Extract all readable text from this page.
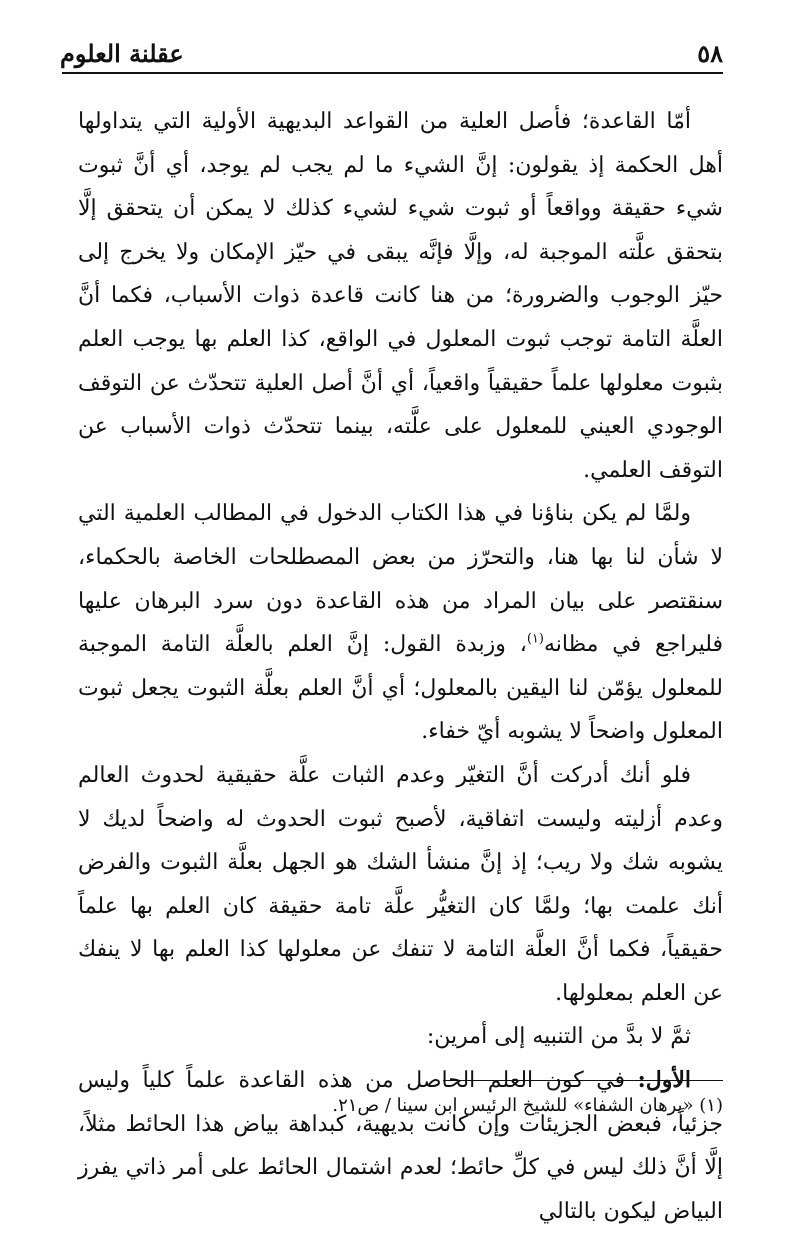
عقلنة العلوم	٥٨

أمّا القاعدة؛ فأصل العلية من القواعد البديهية الأولية التي يتداولها أهل الحكمة إذ يقولون: إنَّ الشيء ما لم يجب لم يوجد، أي أنَّ ثبوت شيء حقيقة وواقعاً أو ثبوت شيء لشيء كذلك لا يمكن أن يتحقق إلَّا بتحقق علَّته الموجبة له، وإلَّا فإنَّه يبقى في حيّز الإمكان ولا يخرج إلى حيّز الوجوب والضرورة؛ من هنا كانت قاعدة ذوات الأسباب، فكما أنَّ العلَّة التامة توجب ثبوت المعلول في الواقع، كذا العلم بها يوجب العلم بثبوت معلولها علماً حقيقياً واقعياً، أي أنَّ أصل العلية تتحدّث عن التوقف الوجودي العيني للمعلول على علَّته، بينما تتحدّث ذوات الأسباب عن التوقف العلمي.

ولمَّا لم يكن بناؤنا في هذا الكتاب الدخول في المطالب العلمية التي لا شأن لنا بها هنا، والتحرّز من بعض المصطلحات الخاصة بالحكماء، سنقتصر على بيان المراد من هذه القاعدة دون سرد البرهان عليها فليراجع في مظانه$^{(١)}$، وزبدة القول: إنَّ العلم بالعلَّة التامة الموجبة للمعلول يؤمّن لنا اليقين بالمعلول؛ أي أنَّ العلم بعلَّة الثبوت يجعل ثبوت المعلول واضحاً لا يشوبه أيّ خفاء.

فلو أنك أدركت أنَّ التغيّر وعدم الثبات علَّة حقيقية لحدوث العالم وعدم أزليته وليست اتفاقية، لأصبح ثبوت الحدوث له واضحاً لديك لا يشوبه شك ولا ريب؛ إذ إنَّ منشأ الشك هو الجهل بعلَّة الثبوت والفرض أنك علمت بها؛ ولمَّا كان التغيُّر علَّة تامة حقيقة كان العلم بها علماً حقيقياً، فكما أنَّ العلَّة التامة لا تنفك عن معلولها كذا العلم بها لا ينفك عن العلم بمعلولها.

ثمَّ لا بدَّ من التنبيه إلى أمرين:

الأول: في كون العلم الحاصل من هذه القاعدة علماً كلياً وليس جزئياً، فبعض الجزيئات وإن كانت بديهية، كبداهة بياض هذا الحائط مثلاً، إلَّا أنَّ ذلك ليس في كلِّ حائط؛ لعدم اشتمال الحائط على أمر ذاتي يفرز البياض ليكون بالتالي

(١) «برهان الشفاء» للشيخ الرئيس ابن سينا / ص٢١.
